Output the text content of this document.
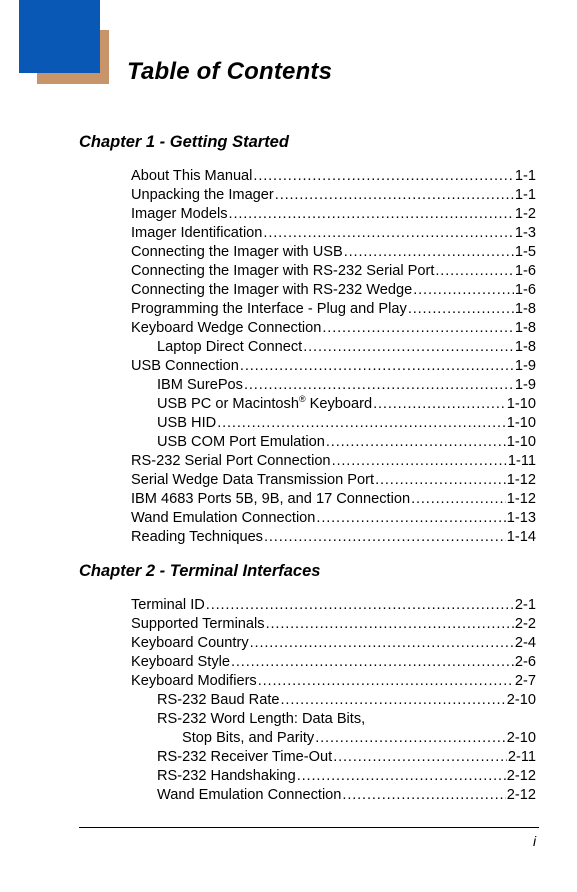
Table of Contents
Chapter 1 - Getting Started
About This Manual . . .	1-1
Unpacking the Imager . . .	1-1
Imager Models . . .	1-2
Imager Identification . . .	1-3
Connecting the Imager with USB . . .	1-5
Connecting the Imager with RS-232 Serial Port . . .	1-6
Connecting the Imager with RS-232 Wedge . . .	1-6
Programming the Interface - Plug and Play . . .	1-8
Keyboard Wedge Connection . . .	1-8
Laptop Direct Connect . . .	1-8
USB Connection . . .	1-9
IBM SurePos . . .	1-9
USB PC or Macintosh® Keyboard . . .	1-10
USB HID . . .	1-10
USB COM Port Emulation . . .	1-10
RS-232 Serial Port Connection . . .	1-11
Serial Wedge Data Transmission Port . . .	1-12
IBM 4683 Ports 5B, 9B, and 17 Connection . . .	1-12
Wand Emulation Connection . . .	1-13
Reading Techniques . . .	1-14
Chapter 2 - Terminal Interfaces
Terminal ID . . .	2-1
Supported Terminals . . .	2-2
Keyboard Country . . .	2-4
Keyboard Style . . .	2-6
Keyboard Modifiers . . .	2-7
RS-232 Baud Rate . . .	2-10
RS-232 Word Length: Data Bits,
Stop Bits, and Parity . . .	2-10
RS-232 Receiver Time-Out . . .	2-11
RS-232 Handshaking . . .	2-12
Wand Emulation Connection . . .	2-12
i
